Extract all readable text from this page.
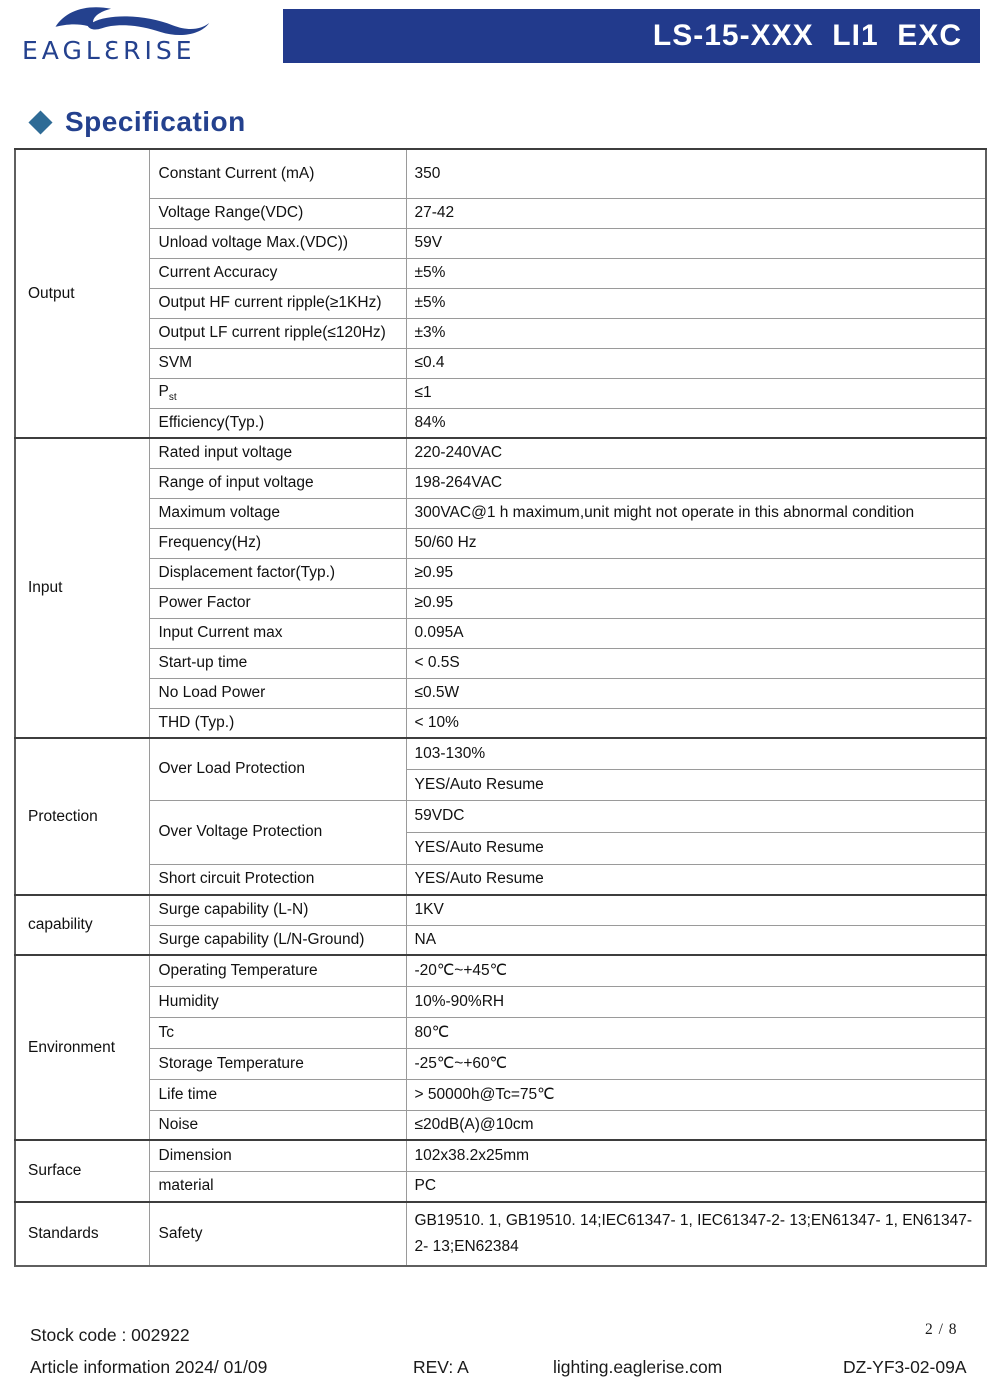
EAGLƐRISE	LS-15-XXX  LI1  EXC
Specification
Output	Constant Current (mA)	350
	Voltage Range(VDC)	27-42
	Unload voltage Max.(VDC))	59V
	Current Accuracy	±5%
	Output HF current ripple(≥1KHz)	±5%
	Output LF current ripple(≤120Hz)	±3%
	SVM	≤0.4
	$P_{st}$	≤1
	Efficiency(Typ.)	84%
Input	Rated input voltage	220-240VAC
	Range of input voltage	198-264VAC
	Maximum voltage	300VAC@1 h maximum,unit might not operate in this abnormal condition
	Frequency(Hz)	50/60 Hz
	Displacement factor(Typ.)	≥0.95
	Power Factor	≥0.95
	Input Current max	0.095A
	Start-up time	< 0.5S
	No Load Power	≤0.5W
	THD (Typ.)	< 10%
Protection	Over Load Protection	103-130%
		YES/Auto Resume
	Over Voltage Protection	59VDC
		YES/Auto Resume
	Short circuit Protection	YES/Auto Resume
capability	Surge capability (L-N)	1KV
	Surge capability (L/N-Ground)	NA
Environment	Operating Temperature	-20℃~+45℃
	Humidity	10%-90%RH
	Tc	80℃
	Storage Temperature	-25℃~+60℃
	Life time	> 50000h@Tc=75℃
	Noise	≤20dB(A)@10cm
Surface	Dimension	102x38.2x25mm
	material	PC
Standards	Safety	GB19510. 1, GB19510. 14;IEC61347- 1, IEC61347-2- 13;EN61347- 1, EN61347-2- 13;EN62384
Stock code : 002922	2 / 8
Article information 2024/ 01/09	REV: A	lighting.eaglerise.com	DZ-YF3-02-09A
